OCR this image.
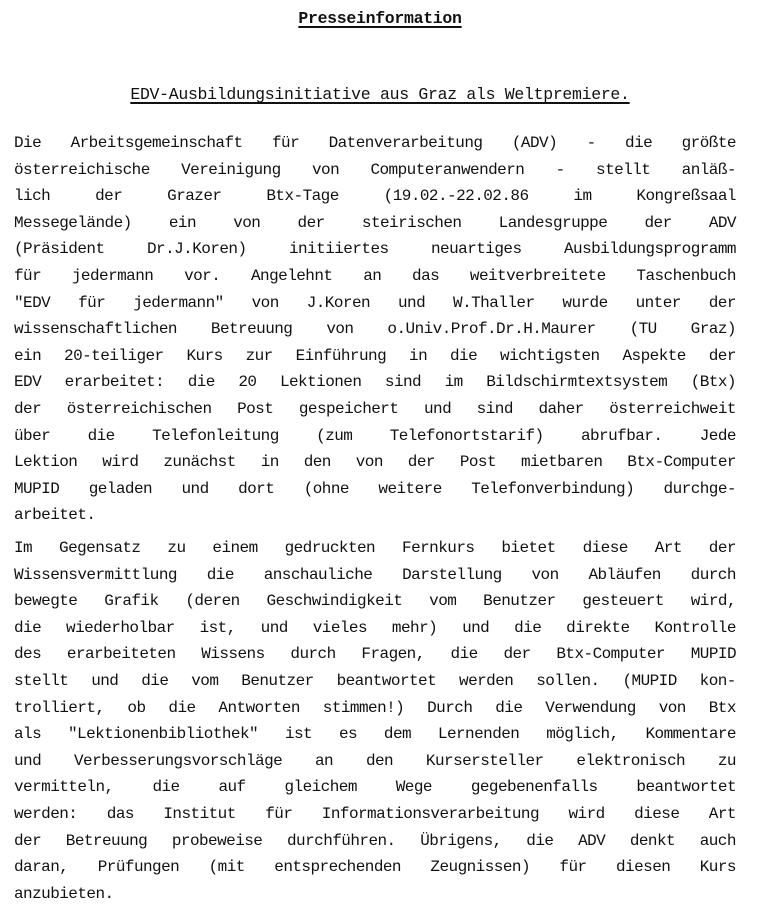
Presseinformation
EDV-Ausbildungsinitiative aus Graz als Weltpremiere.
Die Arbeitsgemeinschaft für Datenverarbeitung (ADV) - die größte
österreichische Vereinigung von Computeranwendern - stellt anläß-
lich	der	Grazer	Btx-Tage	(19.02.-22.02.86	im	Kongreßsaal
Messegelände) ein von der steirischen Landesgruppe der ADV
(Präsident	Dr.J.Koren)	initiiertes	neuartiges	Ausbildungsprogramm
für jedermann vor. Angelehnt an das weitverbreitete Taschenbuch
"EDV für jedermann" von J.Koren und W.Thaller wurde unter der
wissenschaftlichen Betreuung von o.Univ.Prof.Dr.H.Maurer (TU Graz)
ein 20-teiliger Kurs zur Einführung in die wichtigsten Aspekte der
EDV erarbeitet: die 20 Lektionen sind im Bildschirmtextsystem (Btx)
der österreichischen Post gespeichert und sind daher österreichweit
über die Telefonleitung (zum Telefonortstarif) abrufbar. Jede
Lektion wird zunächst in den von der Post mietbaren Btx-Computer
MUPID geladen und dort (ohne weitere Telefonverbindung) durchge-
arbeitet.
Im Gegensatz zu einem gedruckten Fernkurs bietet diese Art der
Wissensvermittlung die anschauliche Darstellung von Abläufen durch
bewegte Grafik (deren Geschwindigkeit vom Benutzer gesteuert wird,
die wiederholbar ist, und vieles mehr) und die direkte Kontrolle
des erarbeiteten Wissens durch Fragen, die der Btx-Computer MUPID
stellt und die vom Benutzer beantwortet werden sollen. (MUPID kon-
trolliert, ob die Antworten stimmen!) Durch die Verwendung von Btx
als "Lektionenbibliothek" ist es dem Lernenden möglich, Kommentare
und Verbesserungsvorschläge an den Kursersteller elektronisch zu
vermitteln, die auf gleichem Wege gegebenenfalls beantwortet
werden: das Institut für Informationsverarbeitung wird diese Art
der Betreuung probeweise durchführen. Übrigens, die ADV denkt auch
daran, Prüfungen (mit entsprechenden Zeugnissen) für diesen Kurs
anzubieten.
